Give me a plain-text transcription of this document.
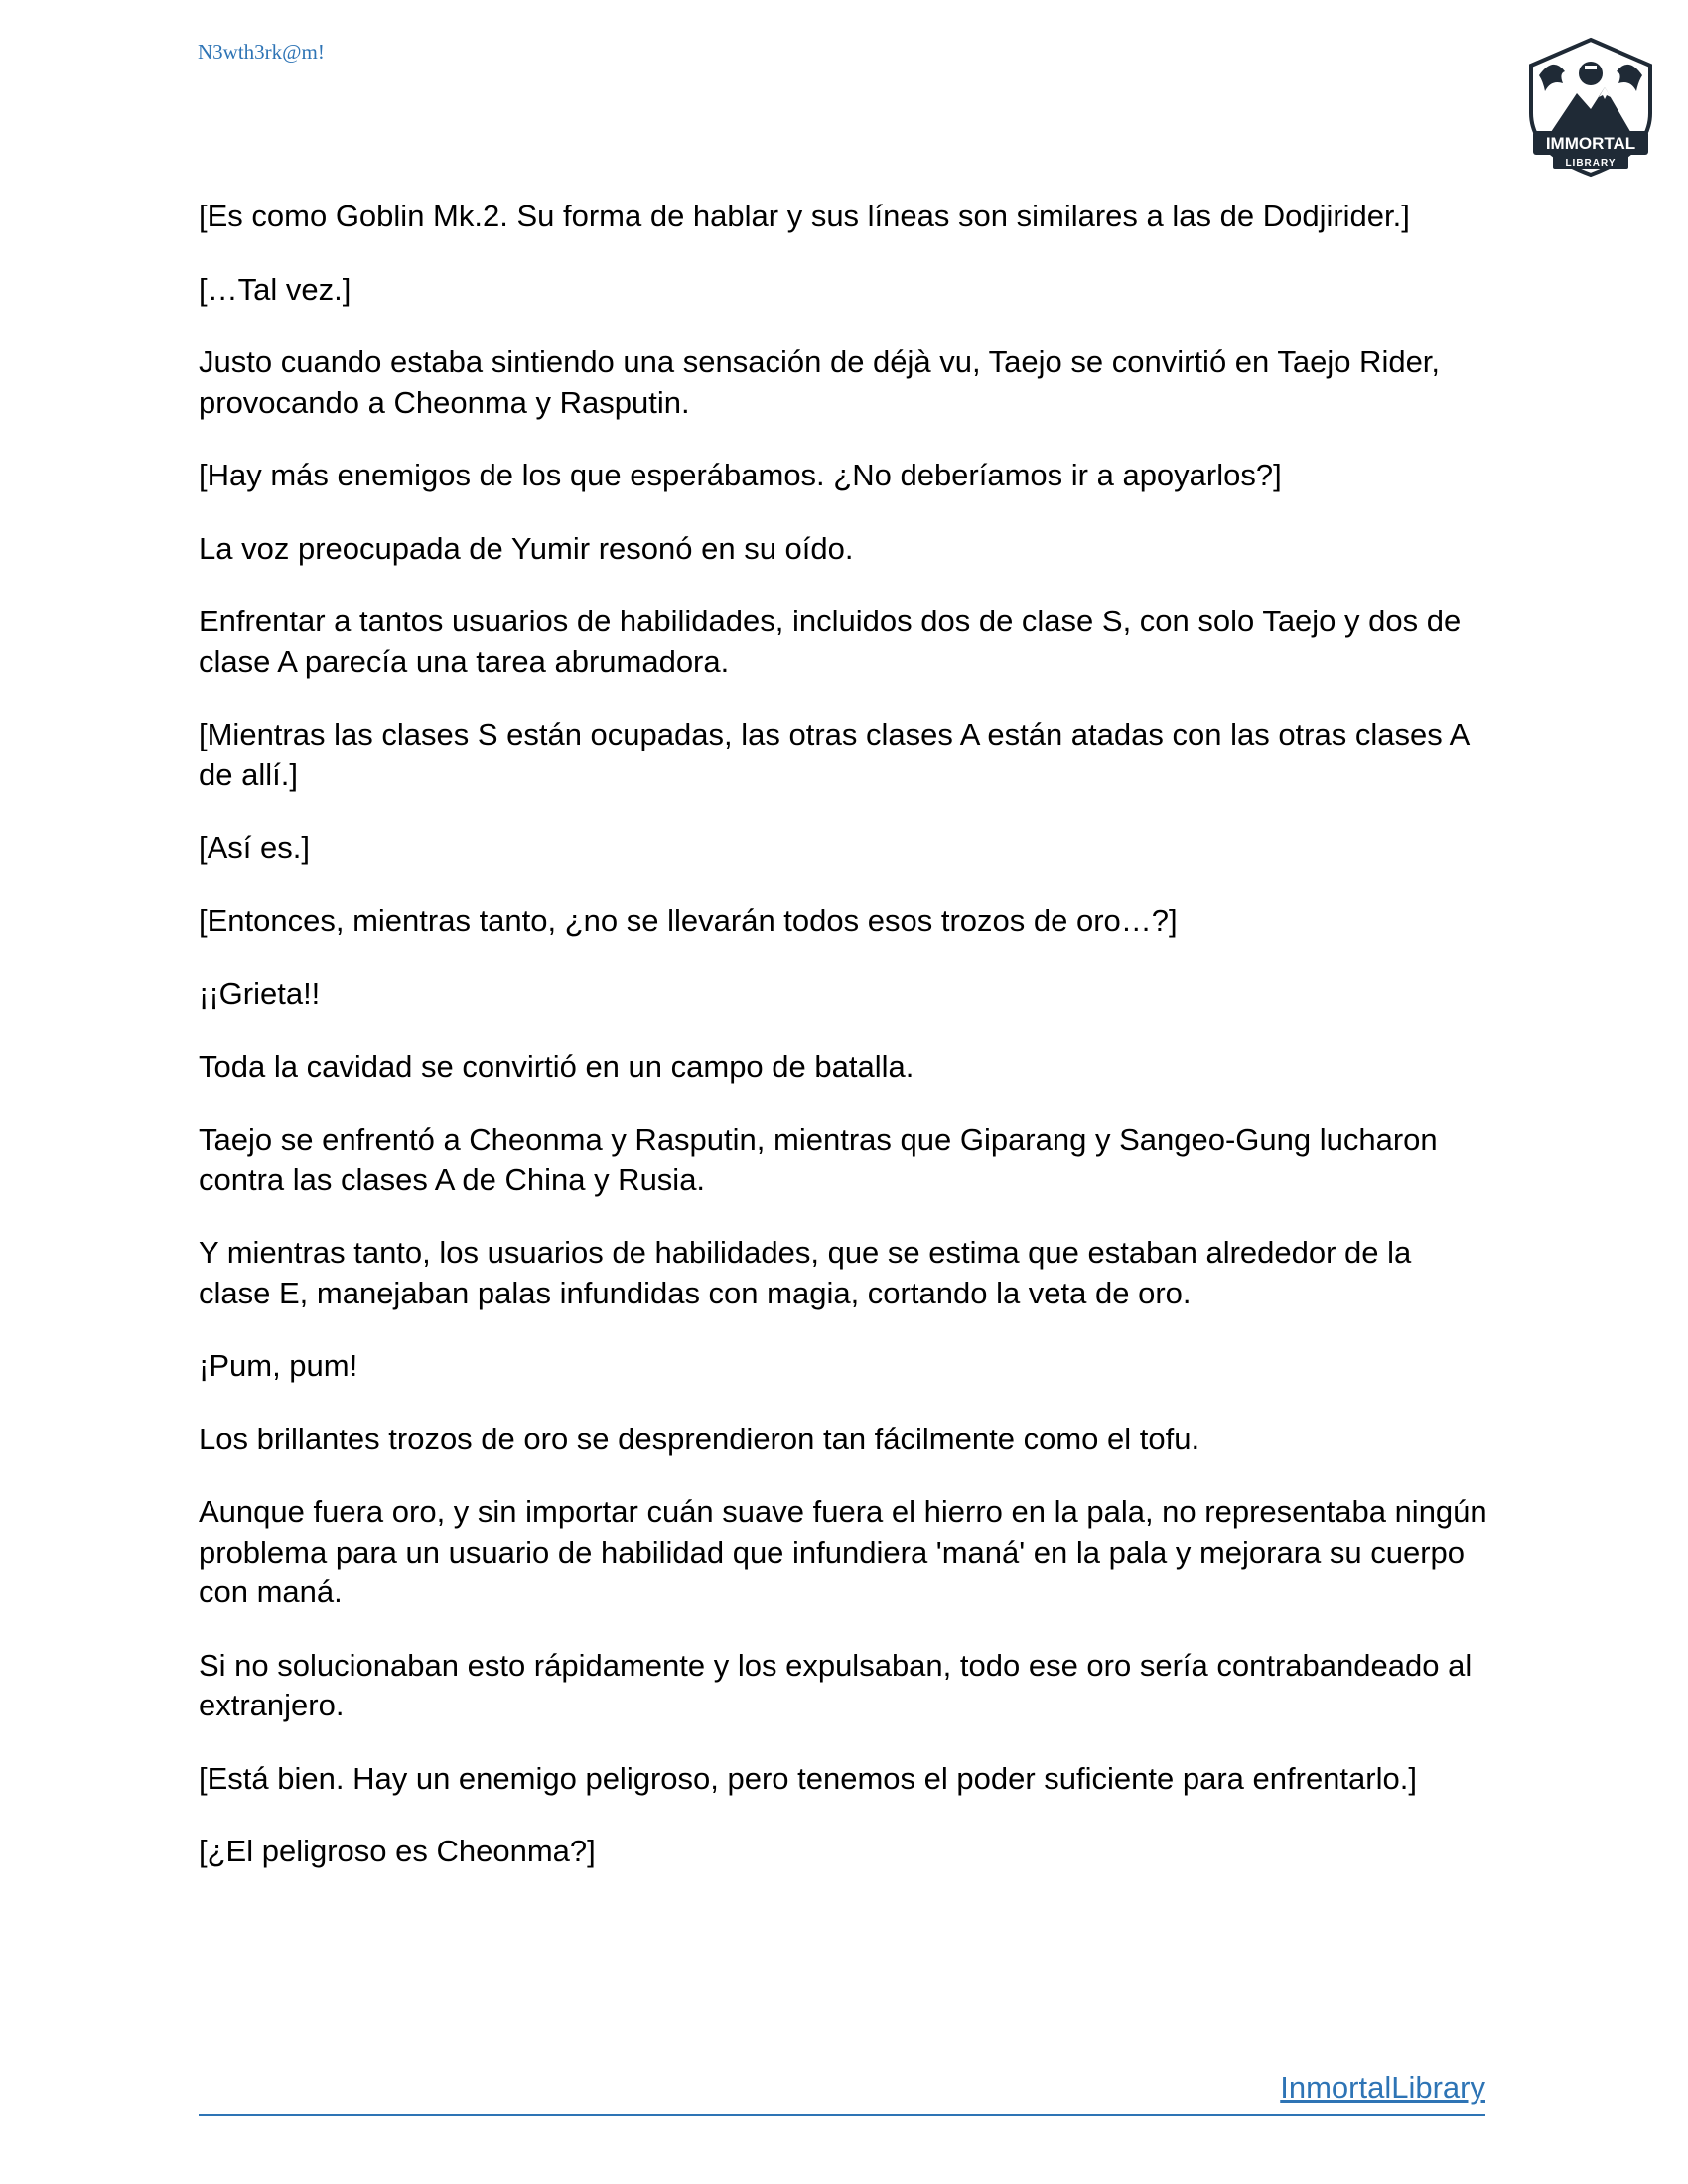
N3wth3rk@m!
IMMORTAL
LIBRARY

[Es como Goblin Mk.2. Su forma de hablar y sus líneas son similares a las de Dodjirider.]

[…Tal vez.]

Justo cuando estaba sintiendo una sensación de déjà vu, Taejo se convirtió en Taejo Rider, provocando a Cheonma y Rasputin.

[Hay más enemigos de los que esperábamos. ¿No deberíamos ir a apoyarlos?]

La voz preocupada de Yumir resonó en su oído.

Enfrentar a tantos usuarios de habilidades, incluidos dos de clase S, con solo Taejo y dos de clase A parecía una tarea abrumadora.

[Mientras las clases S están ocupadas, las otras clases A están atadas con las otras clases A de allí.]

[Así es.]

[Entonces, mientras tanto, ¿no se llevarán todos esos trozos de oro…?]

¡¡Grieta!!

Toda la cavidad se convirtió en un campo de batalla.

Taejo se enfrentó a Cheonma y Rasputin, mientras que Giparang y Sangeo-Gung lucharon contra las clases A de China y Rusia.

Y mientras tanto, los usuarios de habilidades, que se estima que estaban alrededor de la clase E, manejaban palas infundidas con magia, cortando la veta de oro.

¡Pum, pum!

Los brillantes trozos de oro se desprendieron tan fácilmente como el tofu.

Aunque fuera oro, y sin importar cuán suave fuera el hierro en la pala, no representaba ningún problema para un usuario de habilidad que infundiera 'maná' en la pala y mejorara su cuerpo con maná.

Si no solucionaban esto rápidamente y los expulsaban, todo ese oro sería contrabandeado al extranjero.

[Está bien. Hay un enemigo peligroso, pero tenemos el poder suficiente para enfrentarlo.]

[¿El peligroso es Cheonma?]

InmortalLibrary
